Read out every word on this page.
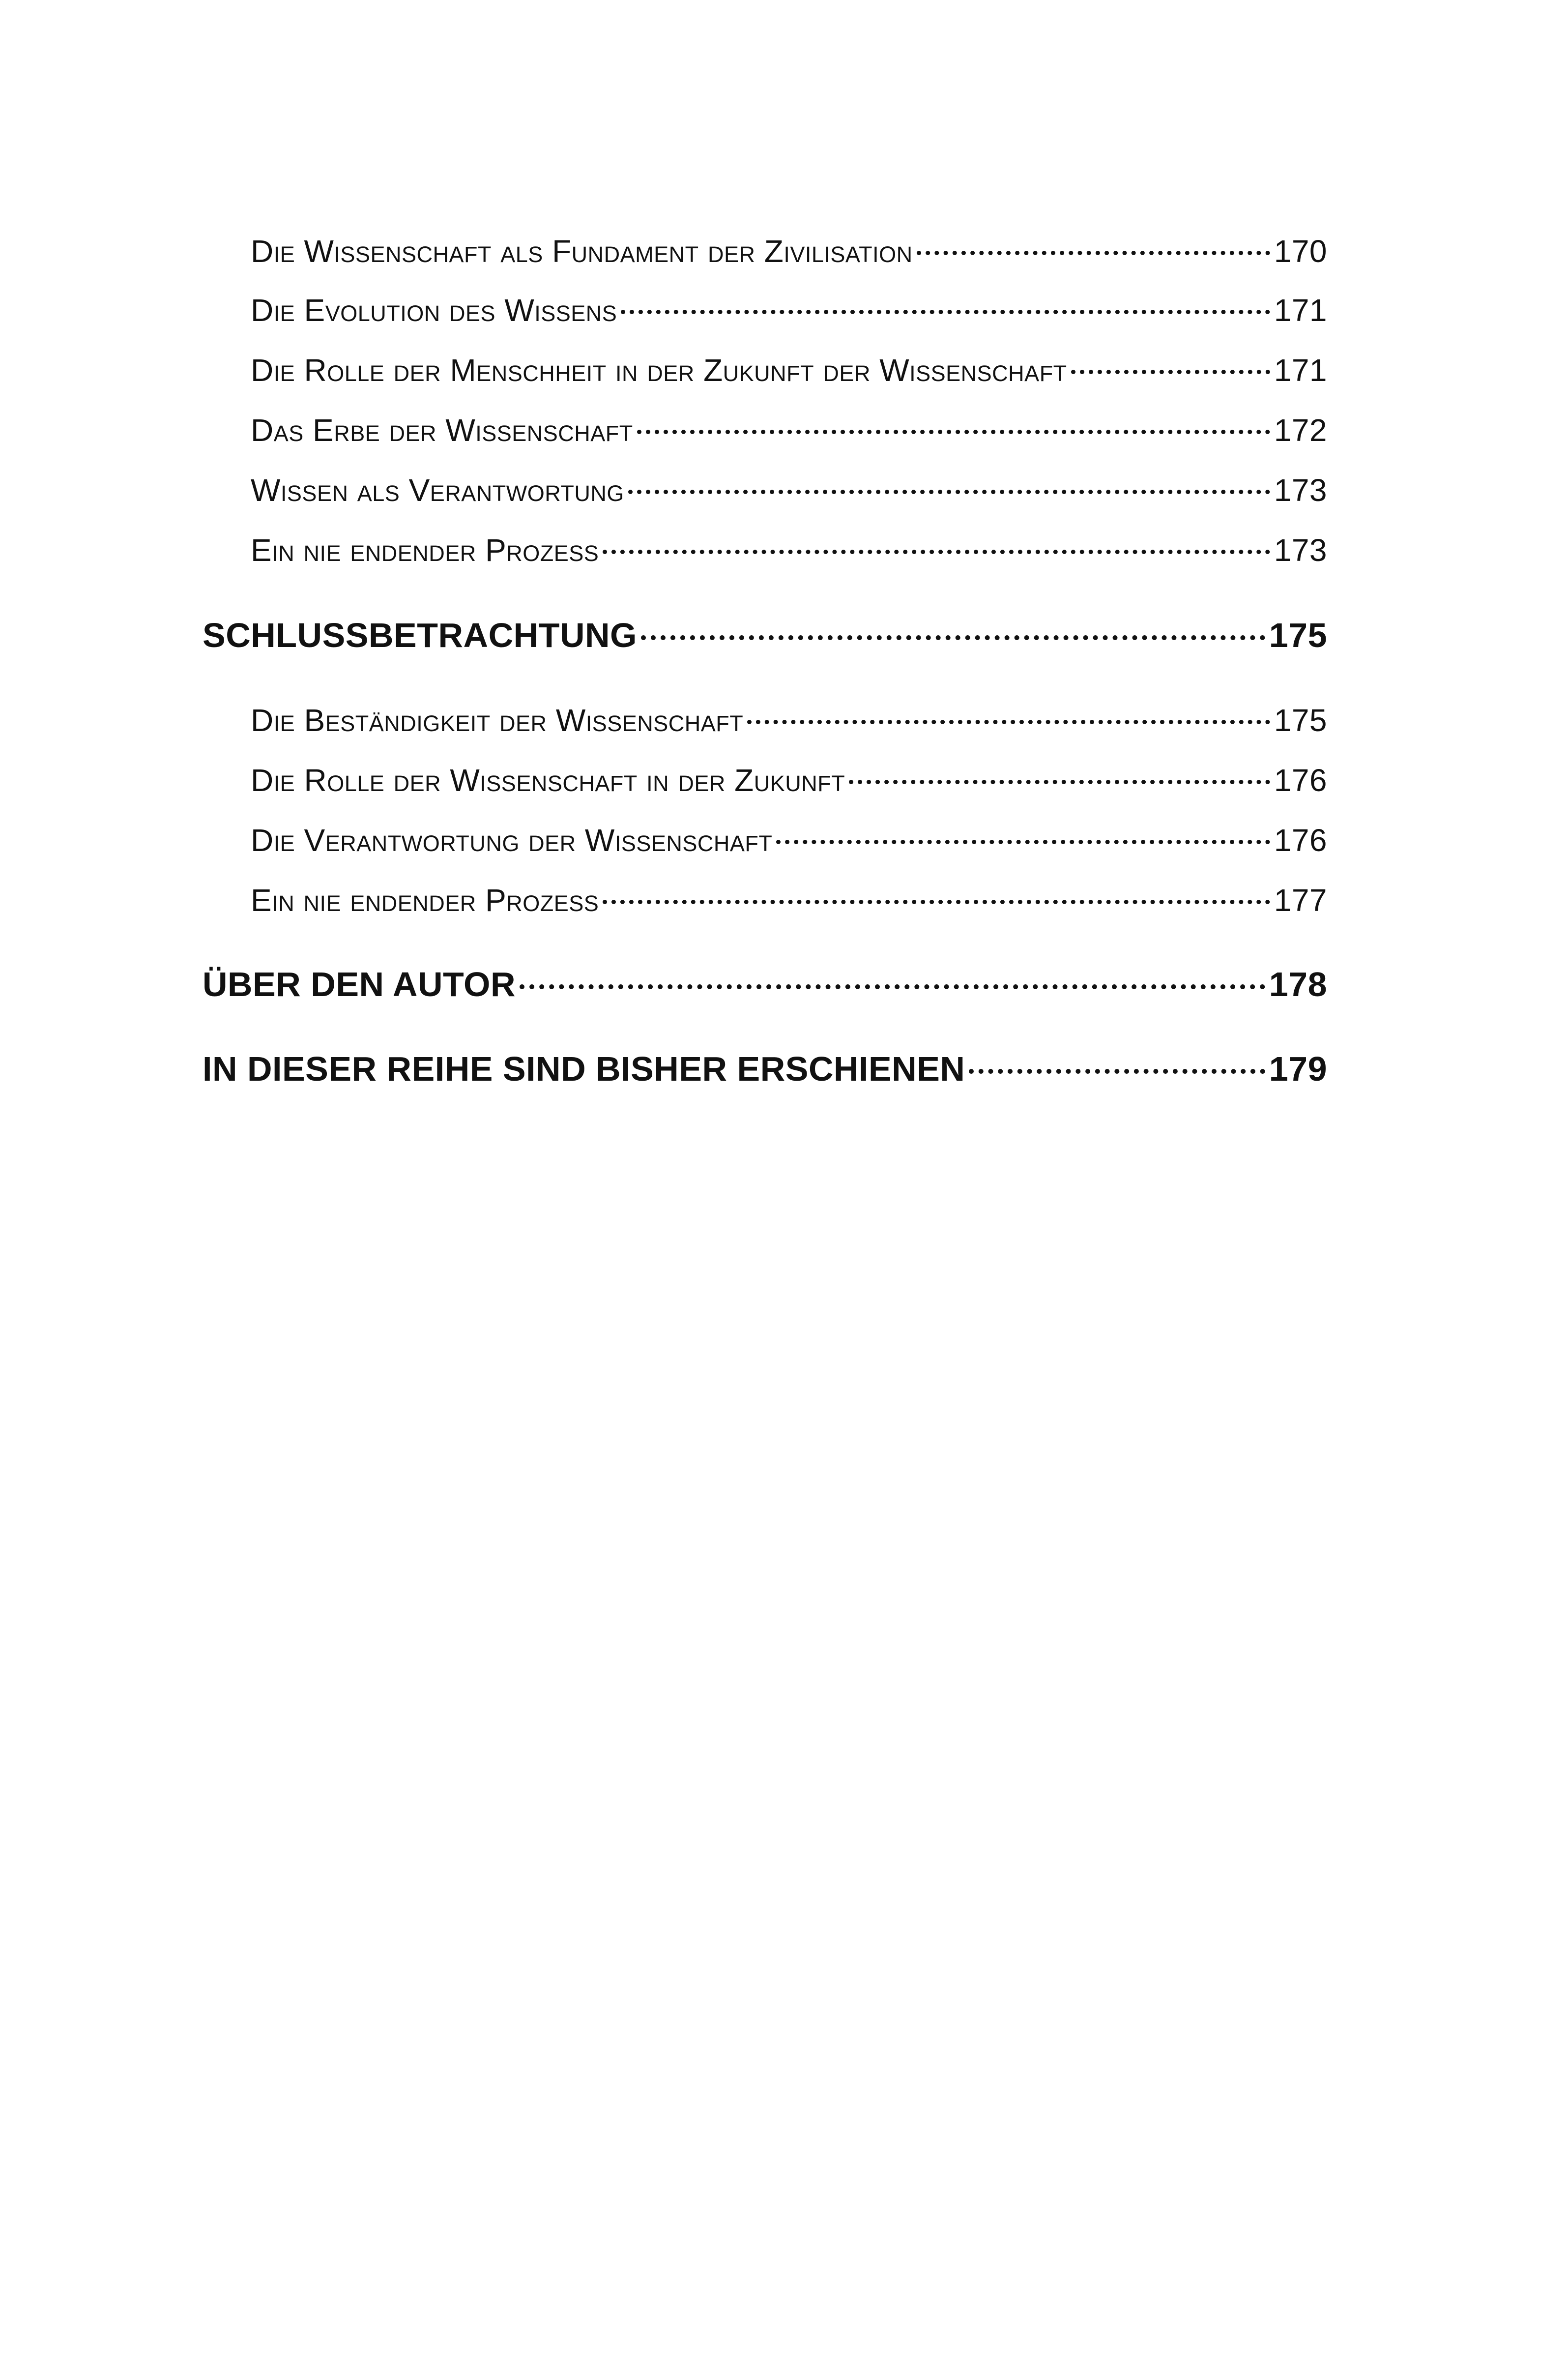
Die Wissenschaft als Fundament der Zivilisation	170
Die Evolution des Wissens	171
Die Rolle der Menschheit in der Zukunft der Wissenschaft	171
Das Erbe der Wissenschaft	172
Wissen als Verantwortung	173
Ein nie endender Prozess	173
SCHLUSSBETRACHTUNG	175
Die Beständigkeit der Wissenschaft	175
Die Rolle der Wissenschaft in der Zukunft	176
Die Verantwortung der Wissenschaft	176
Ein nie endender Prozess	177
ÜBER DEN AUTOR	178
IN DIESER REIHE SIND BISHER ERSCHIENEN	179
